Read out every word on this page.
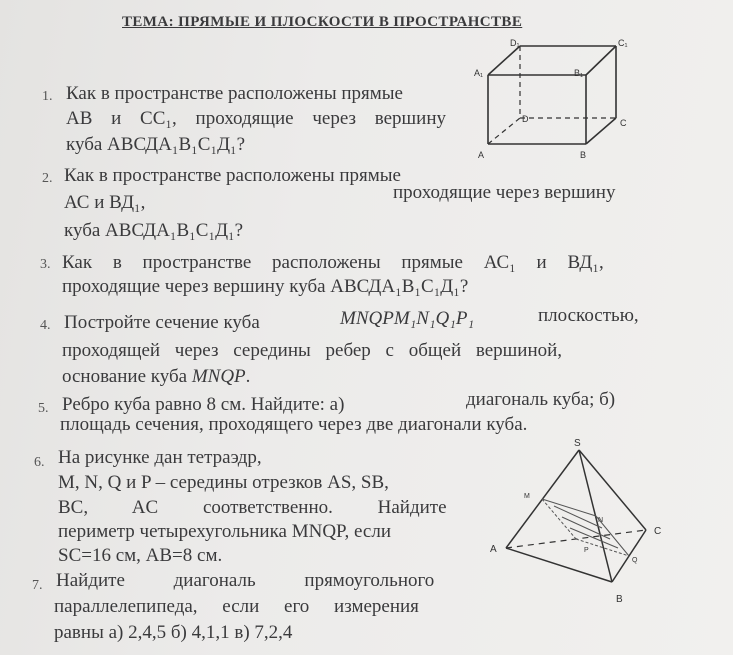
ТЕМА: ПРЯМЫЕ И ПЛОСКОСТИ В ПРОСТРАНСТВЕ
1. Как в пространстве расположены прямые
АВ и СС₁, проходящие через вершину
куба АВСДА₁В₁С₁Д₁?
2. Как в пространстве расположены прямые
АС и ВД₁,	проходящие через вершину
куба АВСДА₁В₁С₁Д₁?
3. Как в пространстве расположены прямые АС₁ и ВД₁,
проходящие через вершину куба АВСДА₁В₁С₁Д₁?
4. Постройте сечение куба	MNQPM₁N₁Q₁P₁	плоскостью,
проходящей через середины ребер с общей вершиной,
основание куба MNQP.
5. Ребро куба равно 8 см. Найдите: а)	диагональ куба; б)
площадь сечения, проходящего через две диагонали куба.
6. На рисунке дан тетраэдр,
M, N, Q и P – середины отрезков AS, SB,
BC, AC соответственно. Найдите
периметр четырехугольника MNQP, если
SC=16 см, AB=8 см.
7. Найдите диагональ прямоугольного
параллелепипеда, если его измерения
равны а) 2,4,5 б) 4,1,1 в) 7,2,4
D₁	C₁
A₁	B₁
D	C
A	B
S
M
N
A	P
C
Q
B
